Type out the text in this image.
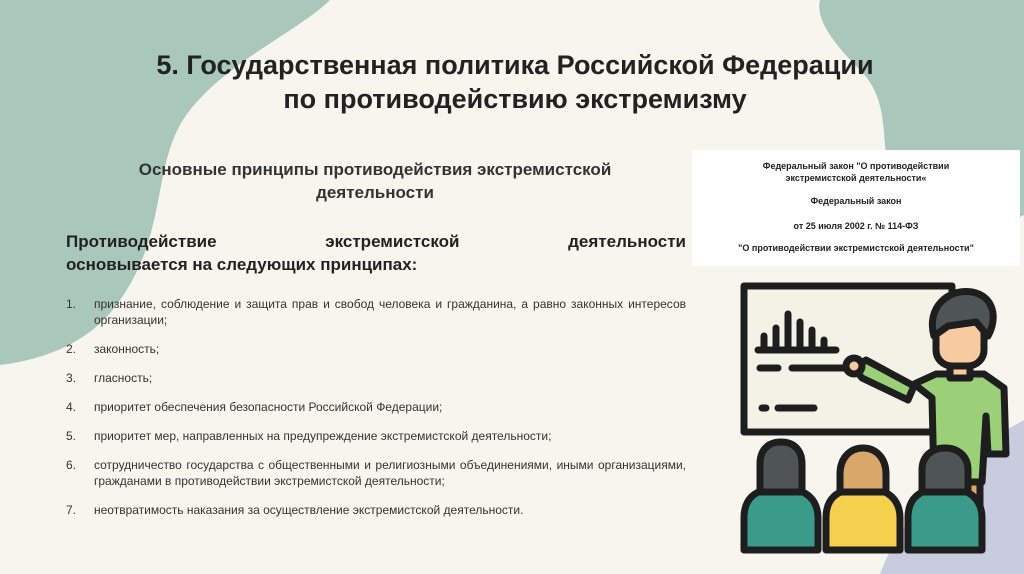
5. Государственная политика Российской Федерации
по противодействию экстремизму
Основные принципы противодействия экстремистской
деятельности
Противодействие	экстремистской	деятельности
основывается на следующих принципах:
1.	признание, соблюдение и защита прав и свобод человека и гражданина, а равно законных интересов организации;
2.	законность;
3.	гласность;
4.	приоритет обеспечения безопасности Российской Федерации;
5.	приоритет мер, направленных на предупреждение экстремистской деятельности;
6.	сотрудничество государства с общественными и религиозными объединениями, иными организациями, гражданами в противодействии экстремистской деятельности;
7.	неотвратимость наказания за осуществление экстремистской деятельности.

Федеральный закон "О противодействии

экстремистской деятельности«

Федеральный закон

от 25 июля 2002 г. № 114-ФЗ

"О противодействии экстремистской деятельности"
